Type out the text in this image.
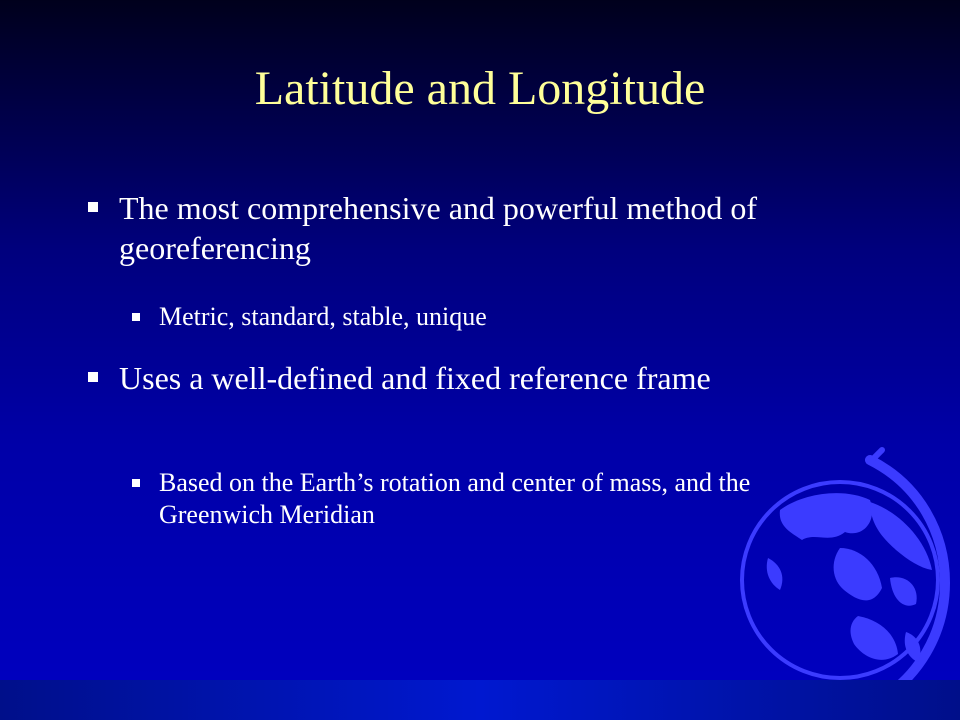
Latitude and Longitude
The most comprehensive and powerful method of georeferencing
Metric, standard, stable, unique
Uses a well-defined and fixed reference frame
Based on the Earth’s rotation and center of mass, and the Greenwich Meridian
